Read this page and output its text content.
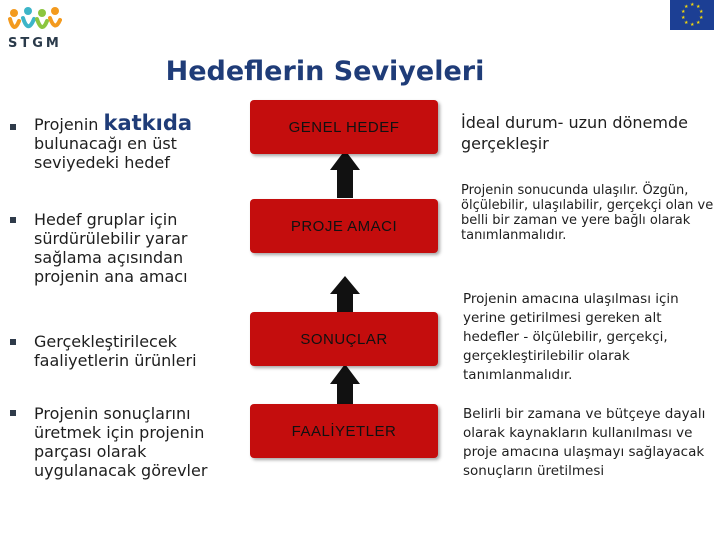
STGM
★ ★
★
★
★
★
★
★
★
★
Hedeflerin Seviyeleri
Projenin katkıda bulunacağı en üst seviyedeki hedef
Hedef gruplar için sürdürülebilir yarar sağlama açısından projenin ana amacı
Gerçekleştirilecek faaliyetlerin ürünleri
Projenin sonuçlarını üretmek için projenin parçası olarak uygulanacak görevler
GENEL HEDEF
PROJE AMACI
SONUÇLAR
FAALİYETLER
İdeal durum- uzun dönemde gerçekleşir
Projenin sonucunda ulaşılır. Özgün, ölçülebilir, ulaşılabilir, gerçekçi olan ve belli bir zaman ve yere bağlı olarak tanımlanmalıdır.
Projenin amacına ulaşılması için yerine getirilmesi gereken alt hedefler - ölçülebilir, gerçekçi, gerçekleştirilebilir olarak tanımlanmalıdır.
Belirli bir zamana ve bütçeye dayalı olarak kaynakların kullanılması ve proje amacına ulaşmayı sağlayacak sonuçların üretilmesi
